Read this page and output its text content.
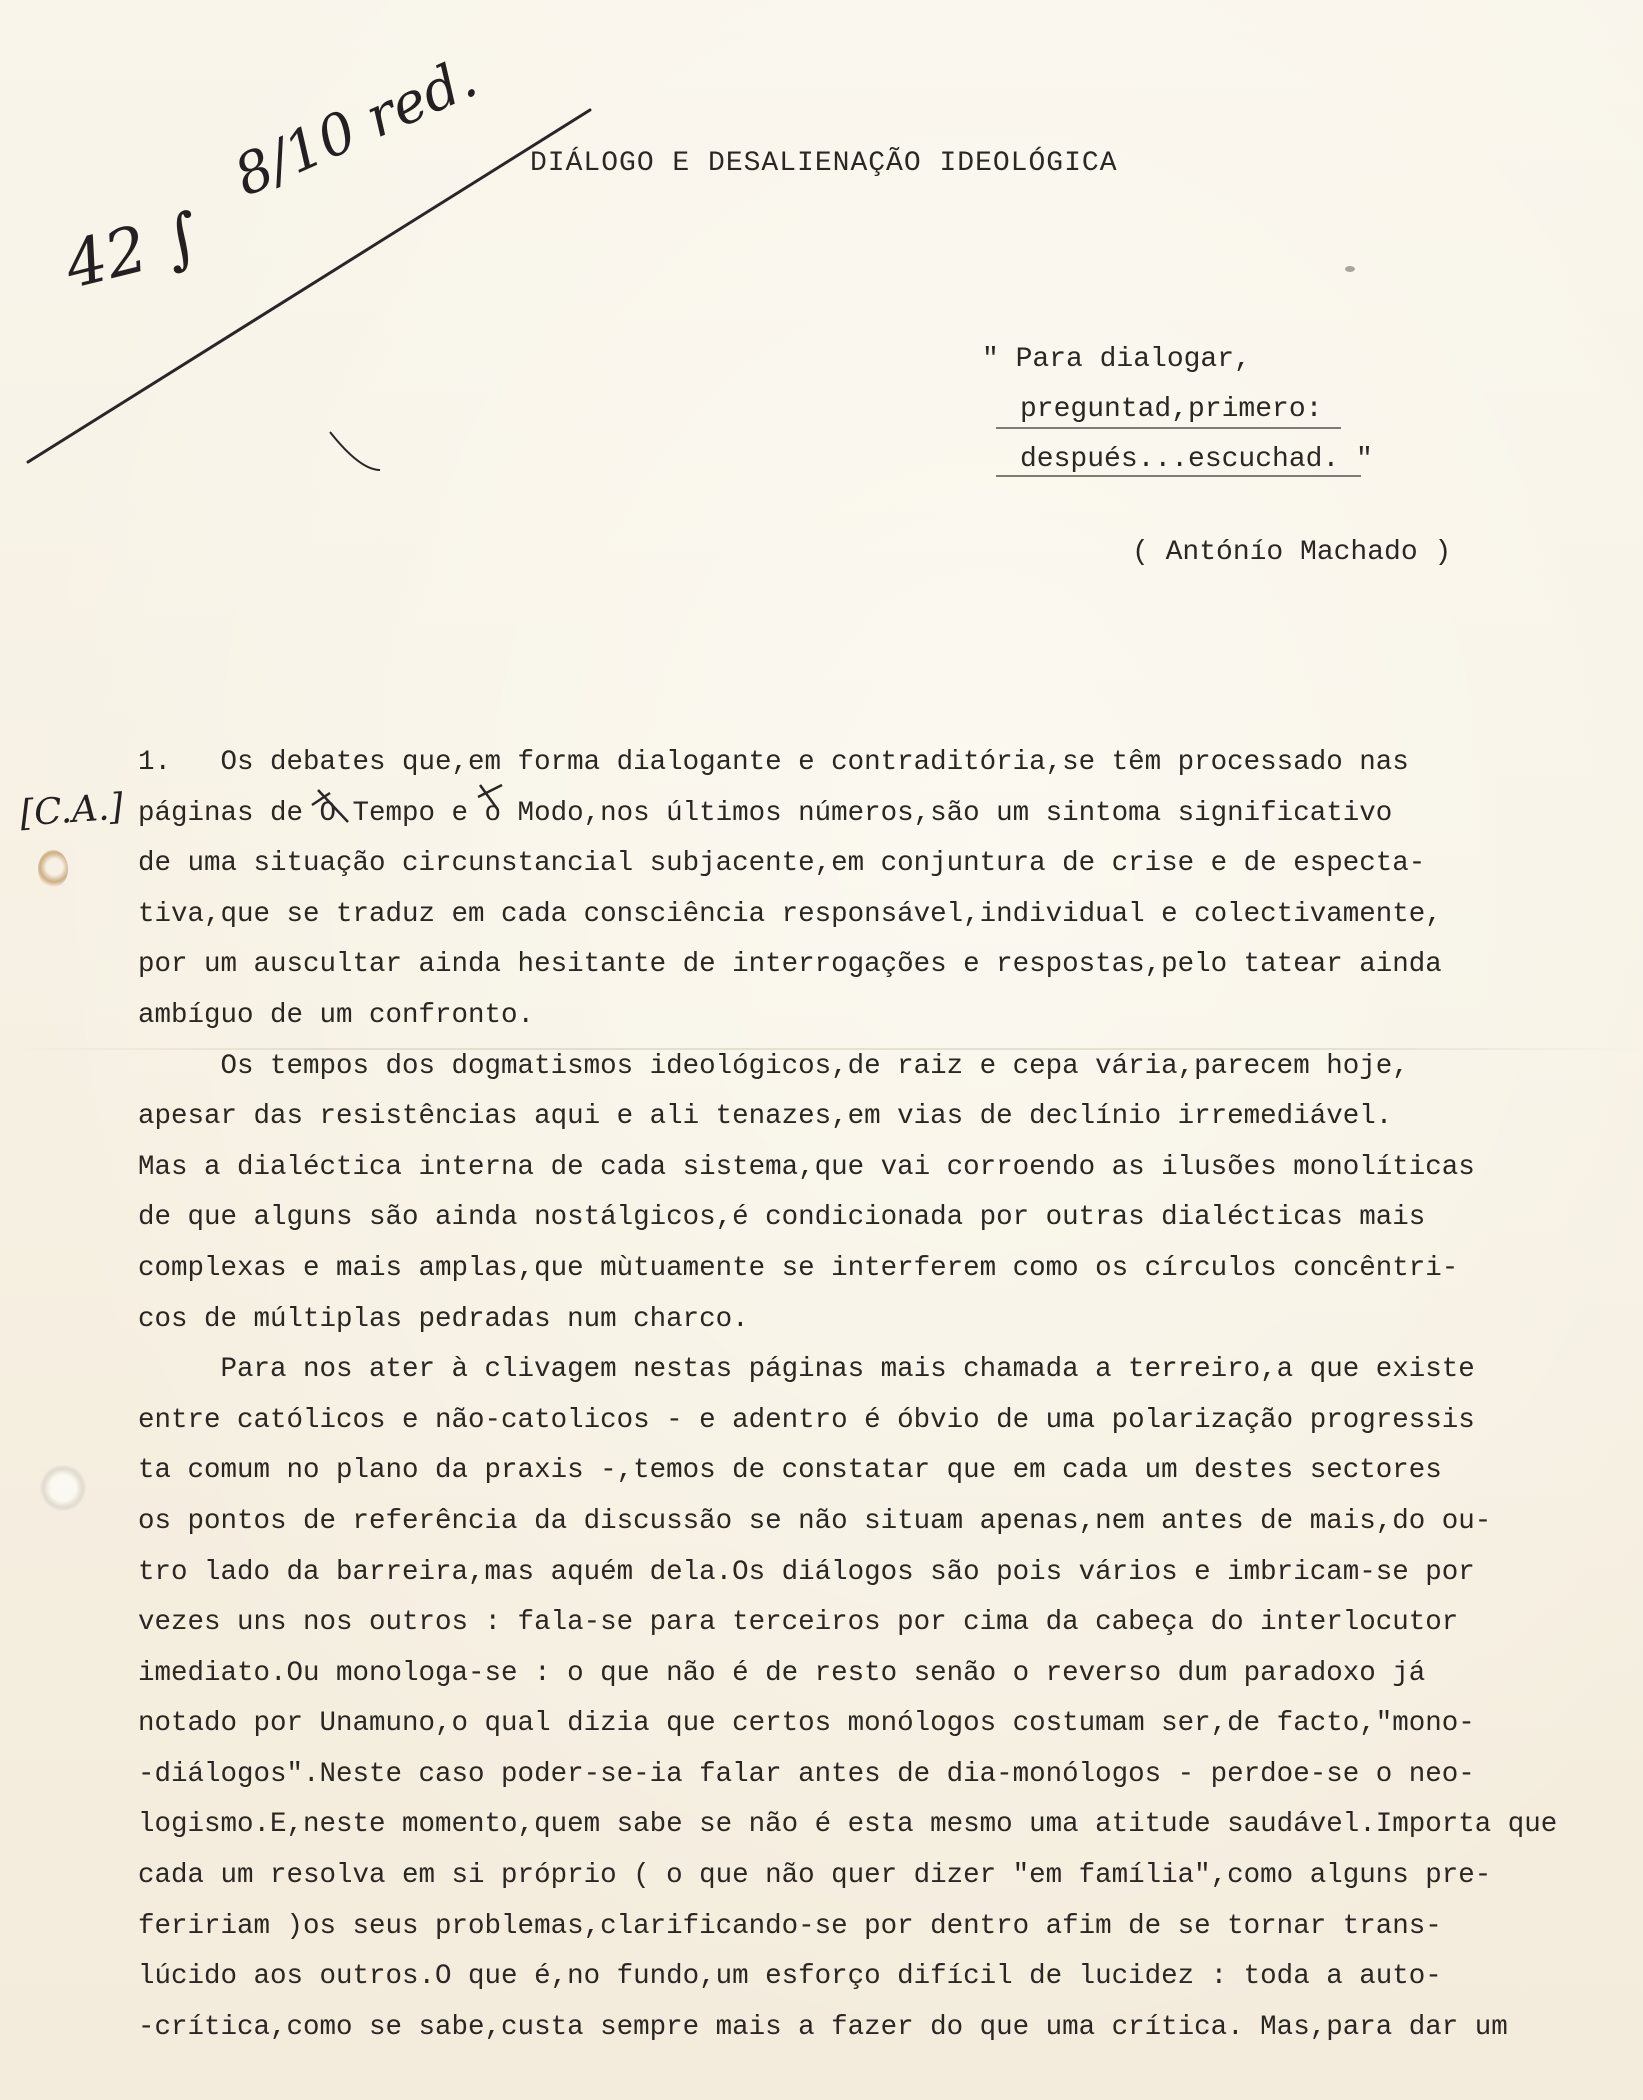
DIÁLOGO E DESALIENAÇÃO IDEOLÓGICA
" Para dialogar,
preguntad,primero:
después...escuchad. "
( Antónío Machado )
1.   Os debates que,em forma dialogante e contraditória,se têm processado nas
páginas de O Tempo e o Modo,nos últimos números,são um sintoma significativo
de uma situação circunstancial subjacente,em conjuntura de crise e de especta-
tiva,que se traduz em cada consciência responsável,individual e colectivamente,
por um auscultar ainda hesitante de interrogações e respostas,pelo tatear ainda
ambíguo de um confronto.
Os tempos dos dogmatismos ideológicos,de raiz e cepa vária,parecem hoje,
apesar das resistências aqui e ali tenazes,em vias de declínio irremediável.
Mas a dialéctica interna de cada sistema,que vai corroendo as ilusões monolíticas
de que alguns são ainda nostálgicos,é condicionada por outras dialécticas mais
complexas e mais amplas,que mùtuamente se interferem como os círculos concêntri-
cos de múltiplas pedradas num charco.
Para nos ater à clivagem nestas páginas mais chamada a terreiro,a que existe
entre católicos e não-catolicos - e adentro é óbvio de uma polarização progressis
ta comum no plano da praxis -,temos de constatar que em cada um destes sectores
os pontos de referência da discussão se não situam apenas,nem antes de mais,do ou-
tro lado da barreira,mas aquém dela.Os diálogos são pois vários e imbricam-se por
vezes uns nos outros : fala-se para terceiros por cima da cabeça do interlocutor
imediato.Ou monologa-se : o que não é de resto senão o reverso dum paradoxo já
notado por Unamuno,o qual dizia que certos monólogos costumam ser,de facto,"mono-
-diálogos".Neste caso poder-se-ia falar antes de dia-monólogos - perdoe-se o neo-
logismo.E,neste momento,quem sabe se não é esta mesmo uma atitude saudável.Importa que
cada um resolva em si próprio ( o que não quer dizer "em família",como alguns pre-
feririam )os seus problemas,clarificando-se por dentro afim de se tornar trans-
lúcido aos outros.O que é,no fundo,um esforço difícil de lucidez : toda a auto-
-crítica,como se sabe,custa sempre mais a fazer do que uma crítica. Mas,para dar um
42 ∫
8/10 red.
[C.A.]
